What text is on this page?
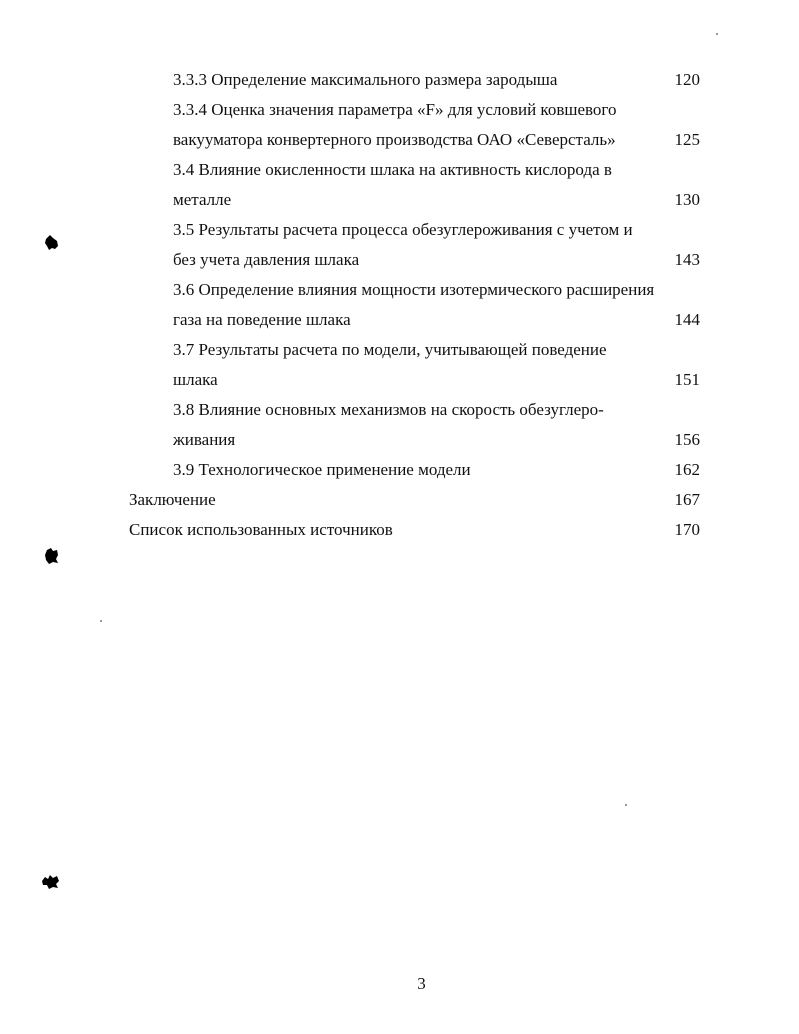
3.3.3 Определение максимального размера зародыша	120
3.3.4 Оценка значения параметра «F» для условий ковшевого
вакууматора конвертерного производства ОАО «Северсталь»	125
3.4 Влияние окисленности шлака на активность кислорода в
металле	130
3.5 Результаты расчета процесса обезуглероживания с учетом и
без учета давления шлака	143
3.6 Определение влияния мощности изотермического расширения
газа на поведение шлака	144
3.7 Результаты расчета по модели, учитывающей поведение
шлака	151
3.8 Влияние основных механизмов на скорость обезуглеро-
живания	156
3.9 Технологическое применение модели	162
Заключение	167
Список использованных источников	170
3
